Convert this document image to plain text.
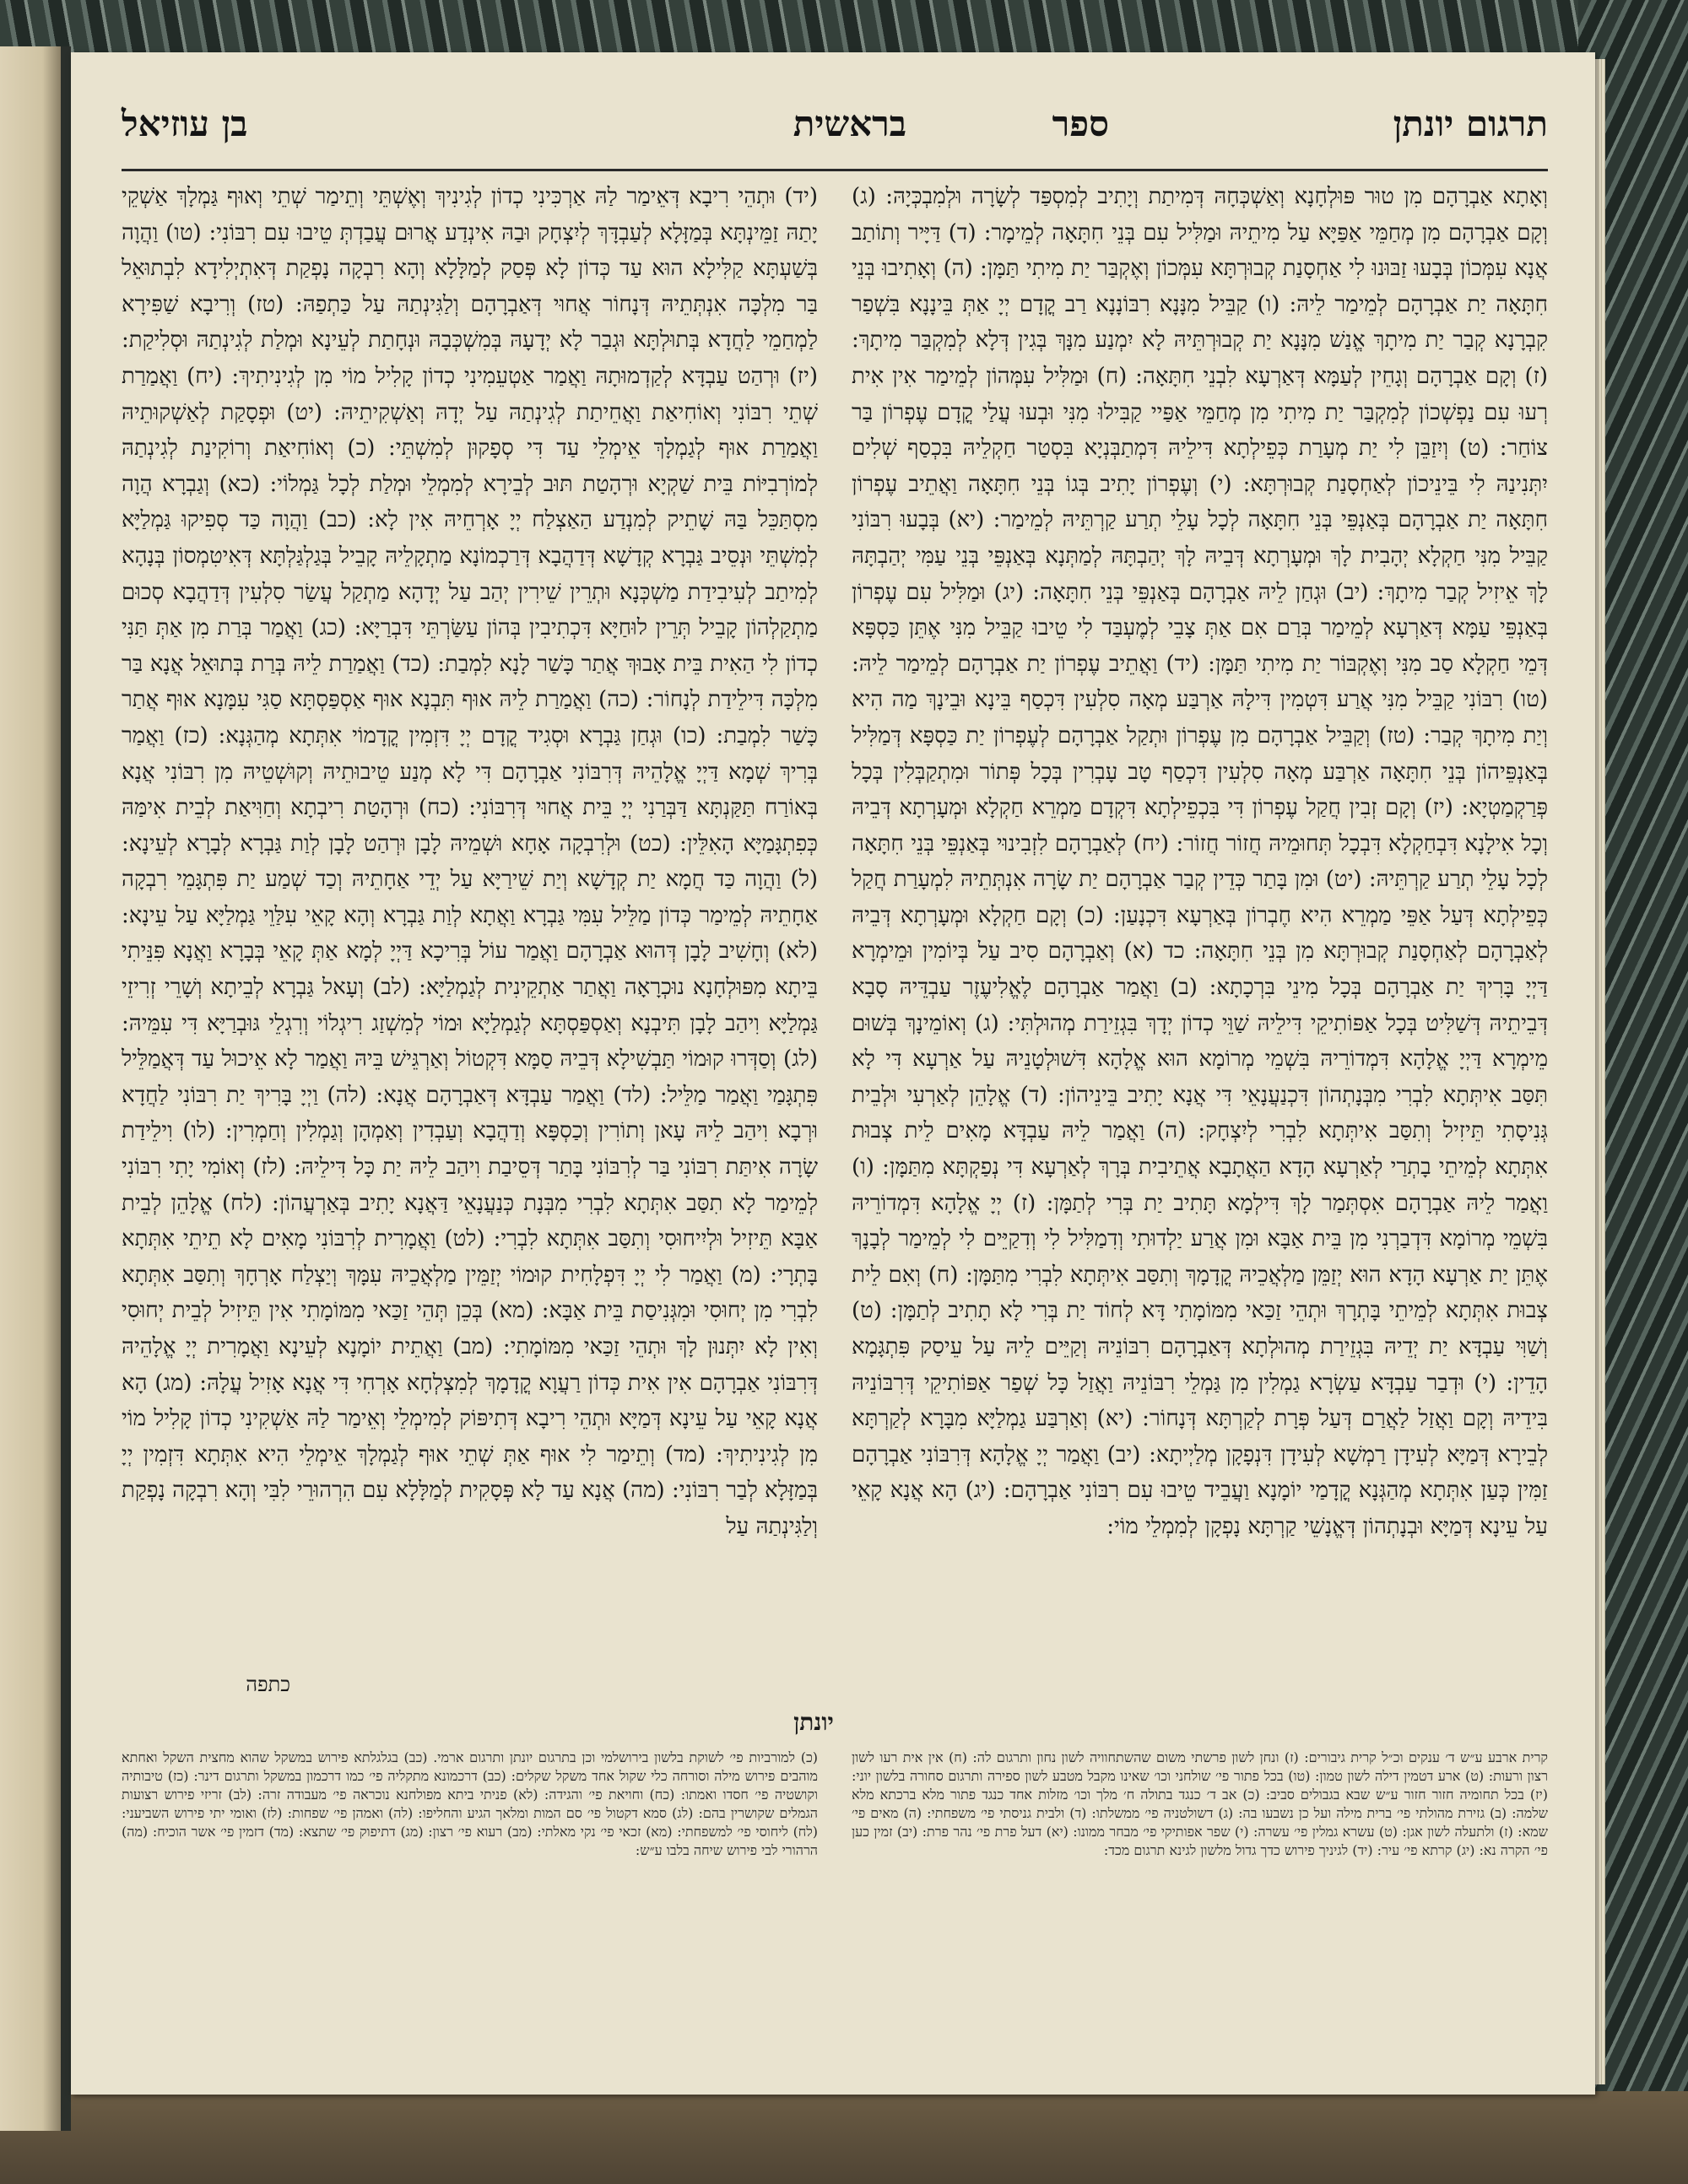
תרגום יונתן
ספר
בראשית
בן עוזיאל
וְאָתָא אַבְרָהָם מִן טוּר פּוּלְחָנָא וְאַשְׁכְּחָהּ דְּמִיתַת וְיָתִיב לְמִסְפַּד לְשָׂרָה וּלְמִבְכְּיָהּ: (ג) וְקָם אַבְרָהָם מִן מְחַמֵּי אַפַּיָּא עַל מִיתֵיהּ וּמַלִּיל עִם בְּנֵי חִתָּאָה לְמֵימָר: (ד) דַּיָּיר וְתוֹתַב אֲנָא עִמְּכוֹן בְּבָעוּ זַבּוּנוּ לִי אַחְסָנַת קְבוּרְתָּא עִמְּכוֹן וְאֶקְבַּר יַת מִיתִי תַּמָּן: (ה) וְאָתִיבוּ בְּנֵי חִתָּאָה יַת אַבְרָהָם לְמֵימַר לֵיהּ: (ו) קַבֵּיל מִנָּנָא רִבּוֹנָנָא רַב קֳדָם יְיָ אַתְּ בֵּינָנָא בִּשְׁפַר קִבְרָנָא קְבַר יַת מִיתָךְ אֱנַשׁ מִנָּנָא יַת קְבוּרְתֵּיהּ לָא יִמְנַע מִנָּךְ בְּגִין דְּלָא לְמִקְבַּר מִיתָךְ: (ז) וְקָם אַבְרָהָם וְגָחֵין לְעַמָּא דְּאַרְעָא לִבְנֵי חִתָּאָה: (ח) וּמַלִּיל עִמְּהוֹן לְמֵימַר אִין אִית רְעוּ עִם נַפְשְׁכוֹן לְמִקְבַּר יַת מִיתִי מִן מְחַמֵּי אַפַּיי קַבִּילוּ מִנִּי וּבְעוּ עֲלַי קֳדָם עֶפְרוֹן בַּר צוֹחַר: (ט) וְיִזַבֵּן לִי יַת מְעָרַת כְּפֵילְתָא דִּילֵיהּ דִּמְתַבְּנְיָא בִּסְטַר חַקְלֵיהּ בִּכְסַף שְׁלִים יִתְּנִינַהּ לִי בֵּינֵיכוֹן לְאַחְסָנַת קְבוּרְתָּא: (י) וְעֶפְרוֹן יָתִיב בְּגוֹ בְּנֵי חִתָּאָה וַאֲתֵיב עֶפְרוֹן חִתָּאָה יַת אַבְרָהָם בְּאַנְפֵּי בְּנֵי חִתָּאָה לְכָל עָלֵי תְרַע קַרְתֵּיהּ לְמֵימַר: (יא) בְּבָעוּ רִבּוֹנִי קַבֵּיל מִנִּי חַקְלָא יְהָבִית לָךְ וּמְעָרְתָא דְּבֵיהּ לָךְ יְהַבְתָּהּ לְמַתְּנָא בְּאַנְפֵּי בְּנֵי עַמִּי יְהַבְתָּהּ לָךְ אֵיזִיל קְבַר מִיתָךְ: (יב) וּגְחַן לֵיהּ אַבְרָהָם בְּאַנְפֵּי בְּנֵי חִתָּאָה: (יג) וּמַלִּיל עִם עֶפְרוֹן בְּאַנְפֵּי עַמָּא דְּאַרְעָא לְמֵימַר בְּרַם אִם אַתְּ צָבֵי לְמֶעְבַּד לִי טֵיבוּ קַבֵּיל מִנִּי אֶתֵּן כַּסְפָּא דְּמֵי חַקְלָא סַב מִנִּי וְאֶקְבּוֹר יַת מִיתִי תַּמָּן: (יד) וַאֲתֵיב עֶפְרוֹן יַת אַבְרָהָם לְמֵימַר לֵיהּ: (טו) רִבּוֹנִי קַבֵּיל מִנִּי אֲרַע דִּטְמִין דִּילָהּ אַרְבַּע מְאָה סִלְעִין דִּכְסַף בֵּינָא וּבֵינָךְ מַה הִיא וְיַת מִיתָךְ קְבַר: (טז) וְקַבֵּיל אַבְרָהָם מִן עֶפְרוֹן וּתְקַל אַבְרָהָם לְעֶפְרוֹן יַת כַּסְפָּא דְּמַלִּיל בְּאַנְפֵּיהוֹן בְּנֵי חִתָּאָה אַרְבַּע מְאָה סִלְעִין דִּכְסַף טָב עָבְרִין בְּכָל פְּתוֹר וּמִתְקַבְּלִין בְּכָל פְּרַקְמַטְיָא: (יז) וְקָם זְבִין חֲקַל עֶפְרוֹן דִּי בִּכְפֵילְתָא דִּקְדָם מַמְרֵא חַקְלָא וּמְעָרְתָא דְּבֵיהּ וְכָל אִילָנָא דִּבְחַקְלָא דִּבְכָל תְּחוּמֵיהּ חֲזוֹר חֲזוֹר: (יח) לְאַבְרָהָם לִזְבִינוּי בְּאַנְפֵּי בְּנֵי חִתָּאָה לְכָל עָלֵי תְרַע קַרְתֵּיהּ: (יט) וּמִן בָּתַר כְּדֵין קְבַר אַבְרָהָם יַת שָׂרָה אִנְתְּתֵיהּ לִמְעָרַת חֲקַל כְּפֵילְתָא דְּעַל אַפֵּי מַמְרֵא הִיא חֶבְרוֹן בְּאַרְעָא דִּכְנָעַן: (כ) וְקָם חַקְלָא וּמְעָרְתָא דְּבֵיהּ לְאַבְרָהָם לְאַחְסָנַת קְבוּרְתָּא מִן בְּנֵי חִתָּאָה: כד (א) וְאַבְרָהָם סִיב עַל בְּיוֹמִין וּמֵימְרָא דַּיְיָ בָּרִיךְ יַת אַבְרָהָם בְּכָל מִינֵי בִּרְכָתָא: (ב) וַאֲמַר אַבְרָהָם לֶאֱלִיעֶזֶר עַבְדֵּיהּ סָבָא דְּבֵיתֵיהּ דְּשַׁלִּיט בְּכָל אַפּוֹתִיקֵי דִּילֵיהּ שַׁוֵּי כְדוֹן יְדָךְ בִּגְזֵירַת מְהוּלְתִּי: (ג) וְאוֹמֵינָךְ בְּשׁוּם מֵימְרָא דַּיְיָ אֱלָהָא דִּמְדוֹרֵיהּ בִּשְׁמֵי מְרוֹמָא הוּא אֱלָהָא דִּשׁוּלְטָנֵיהּ עַל אַרְעָא דִּי לָא תִּסַּב אִיתְּתָא לִבְרִי מִבְּנָתְהוֹן דִּכְנַעֲנָאֵי דִּי אֲנָא יָתִיב בֵּינֵיהוֹן: (ד) אֱלָהֵן לְאַרְעִי וּלְבֵית גְּנִיסָתִי תֵּיזִיל וְתִסַּב אִיתְּתָא לִבְרִי לְיִצְחָק: (ה) וַאֲמַר לֵיהּ עַבְדָּא מָאִים לֵית צְבוּת אִתְּתָא לְמֵיתֵי בָתְרַי לְאַרְעָא הָדָא הַאֲתָבָא אֲתֵיבִית בְּרָךְ לְאַרְעָא דִּי נְפַקְתָּא מִתַּמָּן: (ו) וַאֲמַר לֵיהּ אַבְרָהָם אִסְתְּמַר לָךְ דִּילְמָא תָּתִיב יַת בְּרִי לְתַמָּן: (ז) יְיָ אֱלָהָא דִּמְדוֹרֵיהּ בִּשְׁמֵי מְרוֹמָא דִּדְבַרְנִי מִן בֵּית אַבָּא וּמִן אֲרַע יַלְדוּתִי וְדִמַלִּיל לִי וְדִקַיֵּים לִי לְמֵימַר לְבָנָךְ אֶתֵּן יַת אַרְעָא הָדָא הוּא יְזַמֵּן מַלְאֲכֵיהּ קֳדָמָךְ וְתִסַּב אִיתְּתָא לִבְרִי מִתַּמָּן: (ח) וְאִם לֵית צְבוּת אִתְּתָא לְמֵיתֵי בָּתְרָךְ וּתְהֵי זַכַּאי מִמּוֹמָתִי דָּא לְחוֹד יַת בְּרִי לָא תָתִיב לְתַמָּן: (ט) וְשַׁוִּי עַבְדָּא יַת יְדֵיהּ בִּגְזֵירַת מְהוּלְתָא דְּאַבְרָהָם רִבּוֹנֵיהּ וְקַיֵּים לֵיהּ עַל עֵיסַק פִּתְגָּמָא הָדֵין: (י) וּדְבַר עַבְדָּא עַשְׂרָא גַמְלִין מִן גַּמְלֵי רִבּוֹנֵיהּ וַאֲזַל כָּל שְׁפַר אַפּוֹתִיקֵי דְּרִבּוֹנֵיהּ בִּידֵיהּ וְקָם וַאֲזַל לַאֲרַם דְּעַל פְּרָת לְקַרְתָּא דְּנָחוֹר: (יא) וְאַרְבַּע גַמְלַיָּא מִבָּרָא לְקַרְתָּא לְבֵירָא דְּמַיָּא לְעִידָן רַמְשָׁא לְעִידָן דִּנְפָקָן מְלַיְיתָא: (יב) וַאֲמַר יְיָ אֱלָהָא דְּרִבּוֹנִי אַבְרָהָם זַמִּין כְּעַן אִתְּתָא מְהַגְּנָא קֳדָמַי יוֹמָנָא וַעֲבֵיד טֵיבוּ עִם רִבּוֹנִי אַבְרָהָם: (יג) הָא אֲנָא קָאֵי עַל עֵינָא דְּמַיָּא וּבְנָתְהוֹן דְּאֱנָשֵׁי קַרְתָּא נָפְקָן לְמִמְלֵי מוֹי:
(יד) וּתְהֵי רִיבָא דְּאֵימַר לַהּ אַרְכִּינִי כְדוֹן לְגִינִיךְ וְאֶשְׁתֵּי וְתֵימַר שְׁתֵי וְאוּף גַּמְלָךְ אַשְׁקֵי יָתַהּ זַמֵּינְתָּא בְּמַזָּלָא לְעַבְדָּךְ לְיִצְחָק וּבַהּ אִינְדַע אֲרוּם עֲבַדְתְּ טֵיבוּ עִם רִבּוֹנִי: (טו) וַהֲוָה בְּשַׁעְתָּא קַלִּילָא הוּא עַד כְּדוֹן לָא פְּסַק לְמַלָּלָא וְהָא רִבְקָה נָפְקַת דְּאִתְיְלִידָא לִבְתוּאֵל בַּר מִלְכָּה אִנְתְּתֵיהּ דְּנָחוֹר אֲחוּי דְּאַבְרָהָם וְלַגִּינְתַהּ עַל כַּתְפַהּ: (טז) וְרִיבָא שַׁפִּירָא לַמְחַמֵי לַחֲדָא בְּתוּלְתָּא וּגְבַר לָא יְדָעָהּ בְּמִשְׁכְּבָהּ וּנְחָתַת לְעֵינָא וּמְלַת לְגִינְתַהּ וּסְלִיקַת: (יז) וּרְהַט עַבְדָּא לְקַדְמוּתָהּ וַאֲמַר אַטְעֵמִינִי כְדוֹן קָלִיל מוֹי מִן לְגִינִיתִיךְ: (יח) וַאֲמַרַת שְׁתֵי רִבּוֹנִי וְאוֹחִיאַת וַאֲחֵיתַת לְגִינְתַהּ עַל יְדָהּ וְאַשְׁקִיתֵיהּ: (יט) וּפְסָקַת לְאַשְׁקוּתֵיהּ וַאֲמַרַת אוּף לְגַמְלָךְ אֵימְלֵי עַד דִּי סְפָקוּן לְמִשְׁתֵּי: (כ) וְאוֹחִיאַת וְרוֹקִינַת לְגִינְתַהּ לְמוֹרְבִיּוֹת בֵּית שַׁקְיָא וּרְהָטַת תּוּב לְבֵירָא לְמִמְלֵי וּמְלַת לְכָל גַּמְלוֹי: (כא) וְגַבְרָא הֲוָה מִסְתַּכֵּל בַּהּ שָׁתֵיק לְמִנְדַע הַאַצְלַח יְיָ אָרְחֵיהּ אִין לָא: (כב) וַהֲוָה כַּד סְפִיקוּ גַּמְלַיָּא לְמִשְׁתֵּי וּנְסֵיב גַּבְרָא קְדָשָׁא דְּדַהֲבָא דְּרַכְמוֹנָא מַתְקָלֵיהּ קָבֵיל בְּגַלְגַּלְתָּא דְּאִיטִמְסוֹן בְּנָהָא לְמִיתַב לְעִיבִידַת מַשְׁכְּנָא וּתְרֵין שֵׁירִין יְהַב עַל יְדָהָא מַתְקַל עֲשַׂר סִלְעִין דְּדַהֲבָא סְכוּם מַתְקַלְהוֹן קָבֵיל תְּרֵין לוּחַיָּא דִּכְתִיבִין בְּהוֹן עַשַּׂרְתֵּי דִּבְרַיָּא: (כג) וַאֲמַר בְּרַת מִן אַתְּ תַּנִּי כְדוֹן לִי הַאִית בֵּית אָבוּךְ אֲתַר כָּשַׁר לָנָא לִמְבַת: (כד) וַאֲמַרַת לֵיהּ בְּרַת בְּתוּאֵל אֲנָא בַּר מִלְכָּה דִּילֵידַת לְנָחוֹר: (כה) וַאֲמַרַת לֵיהּ אוּף תִּבְנָא אוּף אַסְפַּסְתָּא סַגִּי עִמָּנָא אוּף אֲתַר כָּשַׁר לִמְבַת: (כו) וּגְחַן גַּבְרָא וּסְגִיד קֳדָם יְיָ דִּזְמִין קֳדָמוֹי אִתְּתָא מְהַגְּנָא: (כז) וַאֲמַר בְּרִיךְ שְׁמָא דַּיְיָ אֱלָהֵיהּ דְּרִבּוֹנִי אַבְרָהָם דִּי לָא מְנַע טֵיבוּתֵיהּ וְקוּשְׁטֵיהּ מִן רִבּוֹנִי אֲנָא בְּאוֹרַח תַּקַּנְתָּא דַּבְּרַנִי יְיָ בֵּית אֲחוּי דְּרִבּוֹנִי: (כח) וּרְהָטַת רִיבְתָא וְחַוִּיאַת לְבֵית אִימַּהּ כְּפִתְגָּמַיָּא הָאִלֵּין: (כט) וּלְרִבְקָה אָחָא וּשְׁמֵיהּ לָבָן וּרְהַט לָבָן לְוַת גַּבְרָא לְבָרָא לְעֵינָא: (ל) וַהֲוָה כַּד חֲמָא יַת קְדָשָׁא וְיַת שֵׁירַיָּא עַל יְדֵי אַחָתֵיהּ וְכַד שְׁמַע יַת פִּתְגָּמֵי רִבְקָה אַחָתֵיהּ לְמֵימַר כְּדוֹן מַלֵּיל עִמִּי גַּבְרָא וַאֲתָא לְוַת גַּבְרָא וְהָא קָאֵי עִלַּוֵי גַּמְלַיָּא עַל עֵינָא: (לא) וְחָשִׁיב לָבָן דְּהוּא אַבְרָהָם וַאֲמַר עוֹל בְּרִיכָא דַּיְיָ לְמָא אַתְּ קָאֵי בְּבָרָא וַאֲנָא פִּנֵּיתִי בֵּיתָא מִפּוּלְחָנָא נוּכְרָאָה וַאֲתַר אַתְקֵינִית לְגַמְלַיָּא: (לב) וְעָאל גַּבְרָא לְבֵיתָא וְשָׁרֵי זְרִיזֵי גַּמְלַיָּא וִיהַב לָבָן תִּיבְנָא וְאַסְפַּסְתָּא לְגַמְלַיָּא וּמוֹי לְמִשְׁזַג רִיגְלוֹי וְרִגְלֵי גּוּבְרַיָּא דִּי עִמֵּיהּ: (לג) וְסַדְּרוּ קוּמוֹי תַּבְשִׁילָא דְּבֵיהּ סַמָּא דִּקְטוֹל וְאַרְגֵּישׁ בֵּיהּ וַאֲמַר לָא אֵיכוּל עַד דְּאֲמַלֵּיל פִּתְגָּמַי וַאֲמַר מַלֵּיל: (לד) וַאֲמַר עַבְדָּא דְּאַבְרָהָם אֲנָא: (לה) וַיְיָ בָּרִיךְ יַת רִבּוֹנִי לַחֲדָא וּרְבָא וִיהַב לֵיהּ עָאן וְתוֹרִין וְכַסְפָּא וְדַהֲבָא וְעַבְדִין וְאַמְהָן וְגַמְלִין וְחַמְרִין: (לו) וִילֵידַת שָׂרָה אִיתַּת רִבּוֹנִי בַּר לְרִבּוֹנִי בָּתַר דְּסֵיבַת וִיהַב לֵיהּ יַת כָּל דִּילֵיהּ: (לז) וְאוֹמִי יָתִי רִבּוֹנִי לְמֵימַר לָא תִסַּב אִתְּתָא לִבְרִי מִבְּנָת כְּנַעֲנָאֵי דַּאֲנָא יָתִיב בְּאַרְעֲהוֹן: (לח) אֱלָהֵן לְבֵית אַבָּא תֵּיזִיל וּלְיִיחוּסִי וְתִסַּב אִתְּתָא לִבְרִי: (לט) וַאֲמָרִית לְרִבּוֹנִי מָאִים לָא תֵיתֵי אִתְּתָא בָּתְרָי: (מ) וַאֲמַר לִי יְיָ דִּפְלָחִית קוּמוֹי יְזַמֵּין מַלְאֲכֵיהּ עִמָּךְ וְיַצְלַח אָרְחָךְ וְתִסַּב אִתְּתָא לִבְרִי מִן יְחוּסִי וּמִגְּנִיסַת בֵּית אַבָּא: (מא) בְּכֵן תְּהֵי זַכַּאי מִמּוֹמָתִי אִין תֵּיזִיל לְבֵית יְחוּסִי וְאִין לָא יִתְּנוּן לָךְ וּתְהֵי זַכַּאי מִמּוֹמָתִי: (מב) וַאֲתֵית יוֹמָנָא לְעֵינָא וַאֲמָרִית יְיָ אֱלָהֵיהּ דְּרִבּוֹנִי אַבְרָהָם אִין אִית כְּדוֹן רַעֲוָא קֳדָמָךְ לְמִצְלְחָא אָרְחִי דִּי אֲנָא אָזִיל עֲלָהּ: (מג) הָא אֲנָא קָאֵי עַל עֵינָא דְּמַיָּא וּתְהֵי רִיבָא דְּתִיפּוֹק לְמִימְלֵי וְאֵימַר לַהּ אַשְׁקִינִי כְדוֹן קָלִיל מוֹי מִן לְגִינִיתִיךְ: (מד) וְתֵימַר לִי אוּף אַתְּ שְׁתֵי אוּף לְגַמְלָךְ אֵימְלֵי הִיא אִתְּתָא דִּזְמִין יְיָ בְּמַזָּלָא לְבַר רִבּוֹנִי: (מה) אֲנָא עַד לָא פְּסָקִית לְמַלָּלָא עִם הִרְהוּרֵי לִבִּי וְהָא רִבְקָה נָפְקַת וְלַגִּינְתַהּ עַל
כתפה
יונתן
קרית ארבע ע״ש ד׳ ענקים וכ״ל קרית גיבורים: (ז) ונחן לשון פרשתי משום שהשתחוויה לשון נחון ותרגום לה: (ח) אין אית רעו לשון רצון ורעות: (ט) ארע דטמין דילה לשון טמון: (טו) בכל פתור פי׳ שולחני וכו׳ שאינו מקבל מטבע לשון ספירה ותרגום סחורה בלשון יוני: (יז) בכל תחומיה חזור חזור ע״ש שבא בגבולים סביב: (כ) אב ד׳ כנגד בתולה ח׳ מלך וכו׳ מזלות אחד כנגד פתור מלא ברכתא מלא שלמה: (ב) גזירת מהולתי פי׳ ברית מילה ועל כן נשבעו בה: (ג) דשולטניה פי׳ ממשלתו: (ד) ולבית גניסתי פי׳ משפחתי: (ה) מאים פי׳ שמא: (ז) ולתעלה לשון אגן: (ט) עשרא גמלין פי׳ עשרה: (י) שפר אפותיקי פי׳ מבחר ממונו: (יא) דעל פרת פי׳ נהר פרת: (יב) זמין כען פי׳ הקרה נא: (יג) קרתא פי׳ עיר: (יד) לגיניך פירוש כדך גדול מלשון לגינא תרגום מכד:
(כ) למורביות פי׳ לשוקת בלשון בירושלמי וכן בתרגום יונתן ותרגום ארמי. (כב) בגלגלתא פירוש במשקל שהוא מחצית השקל ואחתא מוהבים פירוש מילה וסורחה כלי שקול אחד משקל שקלים: (כב) דרכמונא מתקליה פי׳ כמו דרכמון במשקל ותרגום דינר: (כז) טיבותיה וקושטיה פי׳ חסדו ואמתו: (כח) וחויאת פי׳ והגידה: (לא) פניתי ביתא מפולחנא נוכראה פי׳ מעבודה זרה: (לב) זריזי פירוש רצועות הגמלים שקושרין בהם: (לג) סמא דקטול פי׳ סם המות ומלאך הגיע והחליפו: (לה) ואמהן פי׳ שפחות: (לז) ואומי יתי פירוש השביעני: (לח) ליחוסי פי׳ למשפחתי: (מא) זכאי פי׳ נקי מאלתי: (מב) רעוא פי׳ רצון: (מג) דתיפוק פי׳ שתצא: (מד) דזמין פי׳ אשר הוכיח: (מה) הרהורי לבי פירוש שיחה בלבו ע״ש:
